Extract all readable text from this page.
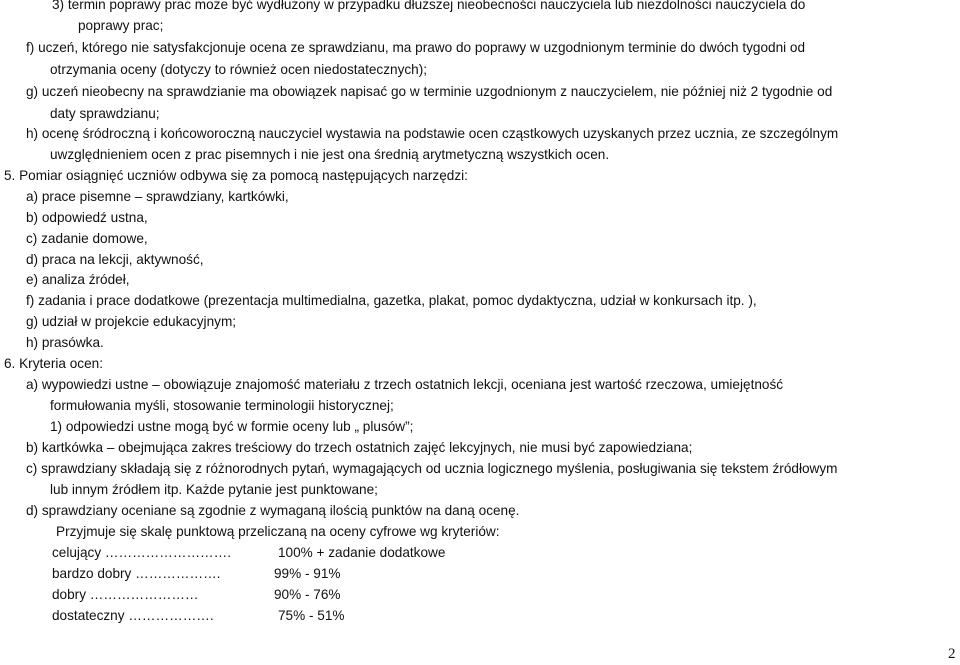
3) termin poprawy prac może być wydłużony w przypadku dłuższej nieobecności nauczyciela lub niezdolności nauczyciela do
poprawy prac;
f) uczeń, którego nie satysfakcjonuje ocena ze sprawdzianu, ma prawo do poprawy w uzgodnionym terminie do dwóch tygodni od
otrzymania oceny (dotyczy to również ocen niedostatecznych);
g) uczeń nieobecny na sprawdzianie ma obowiązek napisać go w terminie uzgodnionym z nauczycielem, nie później niż 2 tygodnie od
daty sprawdzianu;
h) ocenę śródroczną i końcoworoczną nauczyciel wystawia na podstawie ocen cząstkowych uzyskanych przez ucznia, ze szczególnym
uwzględnieniem ocen z prac pisemnych i nie jest ona średnią arytmetyczną wszystkich ocen.
5. Pomiar osiągnięć uczniów odbywa się za pomocą następujących narzędzi:
a) prace pisemne – sprawdziany, kartkówki,
b) odpowiedź ustna,
c) zadanie domowe,
d) praca na lekcji, aktywność,
e) analiza źródeł,
f) zadania i prace dodatkowe (prezentacja multimedialna, gazetka, plakat, pomoc dydaktyczna, udział w konkursach itp. ),
g) udział w projekcie edukacyjnym;
h) prasówka.
6. Kryteria ocen:
a) wypowiedzi ustne – obowiązuje znajomość materiału z trzech ostatnich lekcji, oceniana jest wartość rzeczowa, umiejętność
formułowania myśli, stosowanie terminologii historycznej;
1) odpowiedzi ustne mogą być w formie oceny lub „ plusów”;
b) kartkówka – obejmująca zakres treściowy do trzech ostatnich zajęć lekcyjnych, nie musi być zapowiedziana;
c) sprawdziany składają się z różnorodnych pytań, wymagających od ucznia logicznego myślenia, posługiwania się tekstem źródłowym
lub innym źródłem itp. Każde pytanie jest punktowane;
d) sprawdziany oceniane są zgodnie z wymaganą ilością punktów na daną ocenę.
Przyjmuje się skalę punktową przeliczaną na oceny cyfrowe wg kryteriów:
celujący ……………………….	100% + zadanie dodatkowe
bardzo dobry ……………….	99% - 91%
dobry ……………………	90% - 76%
dostateczny ……………….	75% - 51%
2
